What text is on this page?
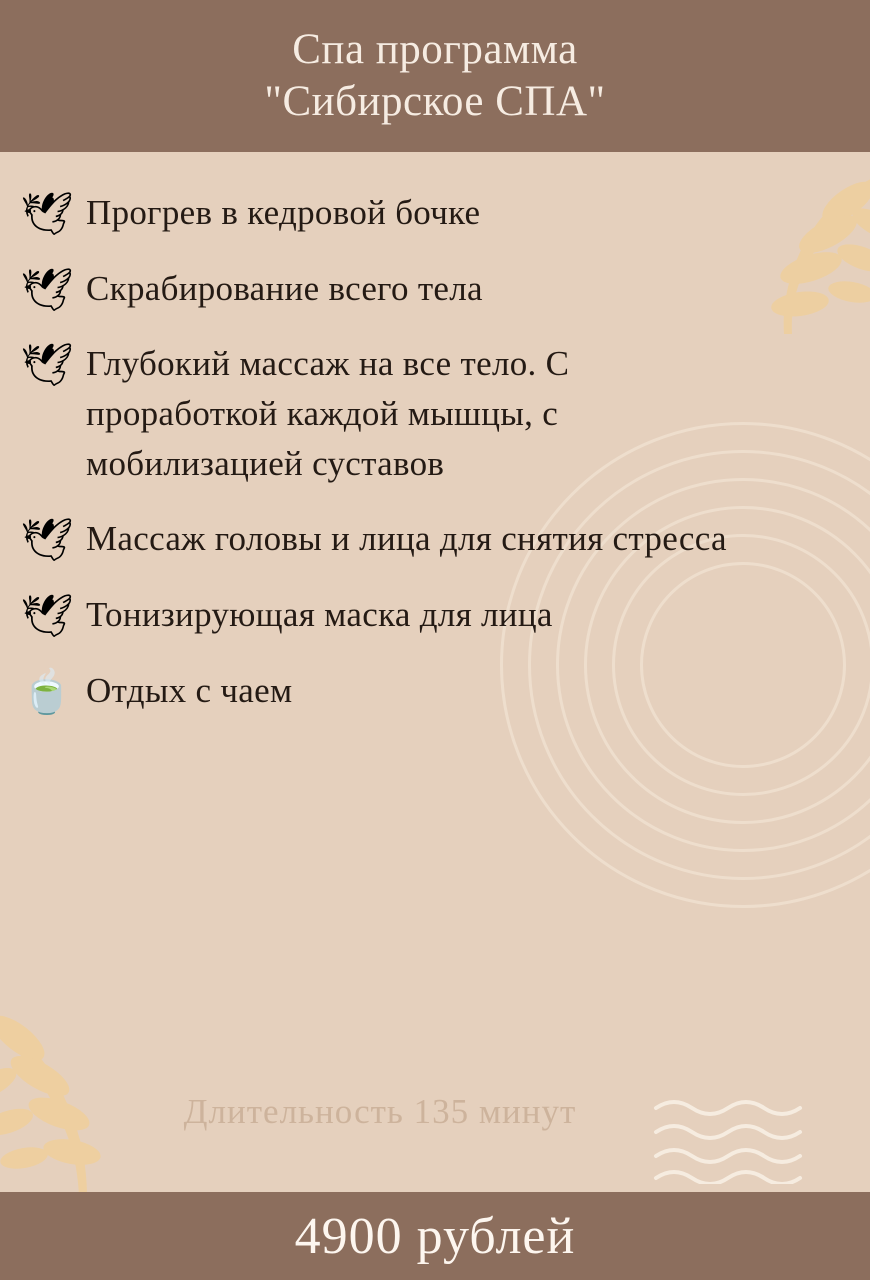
Спа программа
"Сибирское СПА"
🕊 Прогрев в кедровой бочке
🕊 Скрабирование всего тела
🕊 Глубокий массаж на все тело. С проработкой каждой мышцы, с мобилизацией суставов
🕊 Массаж головы и лица для снятия стресса
🕊 Тонизирующая маска для лица
🍵 Отдых с чаем
Длительность 135 минут
4900 рублей
